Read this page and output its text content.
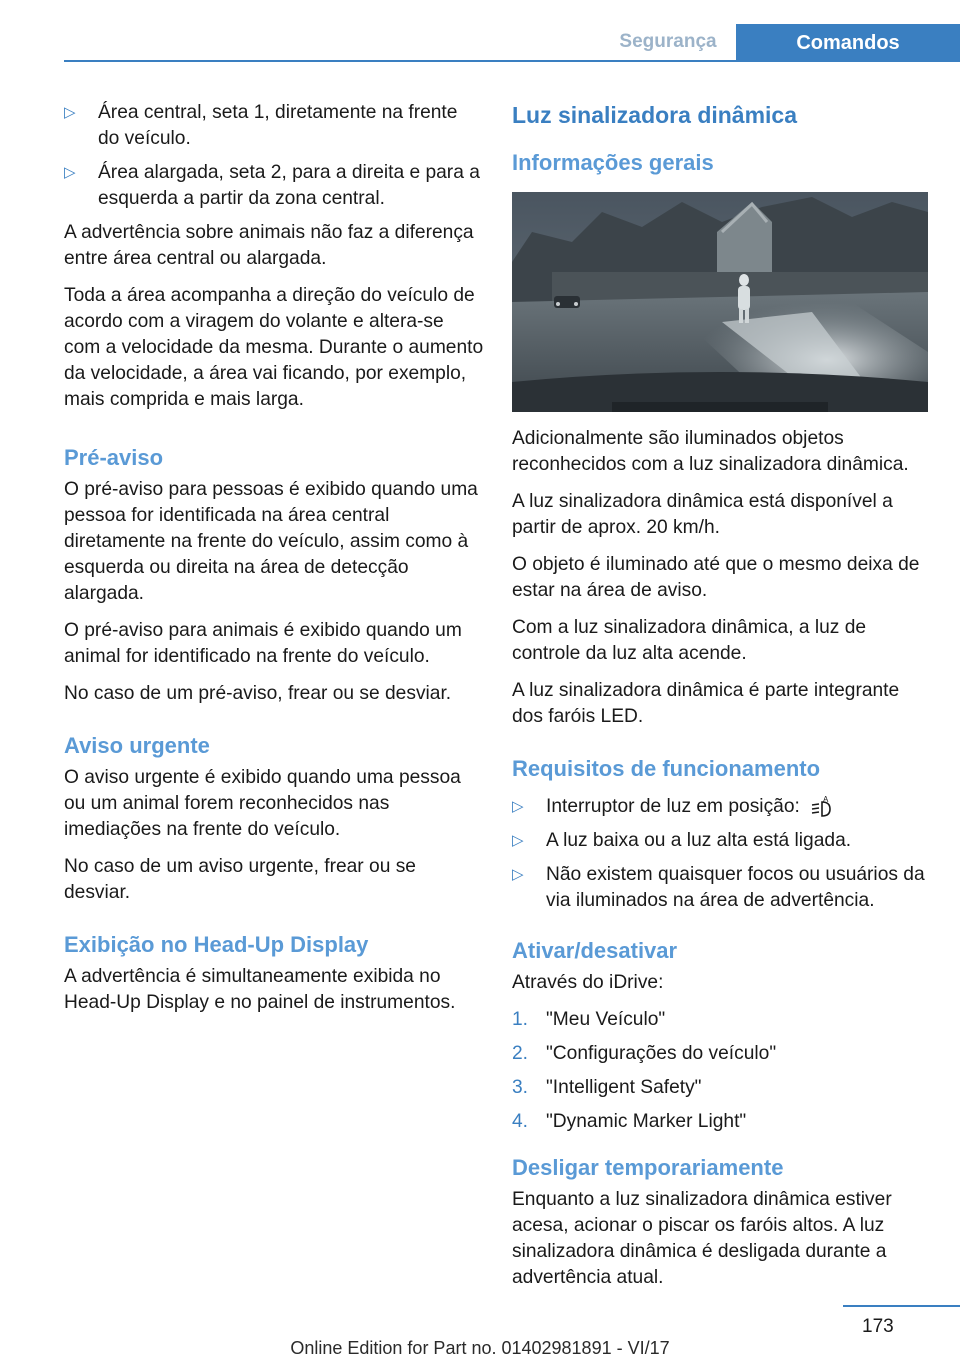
Segurança	Comandos
▷ Área central, seta 1, diretamente na frente do veículo.
▷ Área alargada, seta 2, para a direita e para a esquerda a partir da zona central.

A advertência sobre animais não faz a diferença entre área central ou alargada.

Toda a área acompanha a direção do veículo de acordo com a viragem do volante e altera-se com a velocidade da mesma. Durante o aumento da velocidade, a área vai ficando, por exemplo, mais comprida e mais larga.

Pré-aviso

O pré-aviso para pessoas é exibido quando uma pessoa for identificada na área central diretamente na frente do veículo, assim como à esquerda ou direita na área de detecção alargada.

O pré-aviso para animais é exibido quando um animal for identificado na frente do veículo.

No caso de um pré-aviso, frear ou se desviar.

Aviso urgente

O aviso urgente é exibido quando uma pessoa ou um animal forem reconhecidos nas imediações na frente do veículo.

No caso de um aviso urgente, frear ou se desviar.

Exibição no Head-Up Display

A advertência é simultaneamente exibida no Head-Up Display e no painel de instrumentos.

Luz sinalizadora dinâmica
Informações gerais

Adicionalmente são iluminados objetos reconhecidos com a luz sinalizadora dinâmica.

A luz sinalizadora dinâmica está disponível a partir de aprox. 20 km/h.

O objeto é iluminado até que o mesmo deixa de estar na área de aviso.

Com a luz sinalizadora dinâmica, a luz de controle da luz alta acende.

A luz sinalizadora dinâmica é parte integrante dos faróis LED.

Requisitos de funcionamento
▷ Interruptor de luz em posição:	A
▷ A luz baixa ou a luz alta está ligada.
▷ Não existem quaisquer focos ou usuários da via iluminados na área de advertência.
Ativar/desativar

Através do iDrive:

1. "Meu Veículo"
2. "Configurações do veículo"
3. "Intelligent Safety"
4. "Dynamic Marker Light"
Desligar temporariamente

Enquanto a luz sinalizadora dinâmica estiver acesa, acionar o piscar os faróis altos. A luz sinalizadora dinâmica é desligada durante a advertência atual.

173
Online Edition for Part no. 01402981891 - VI/17
